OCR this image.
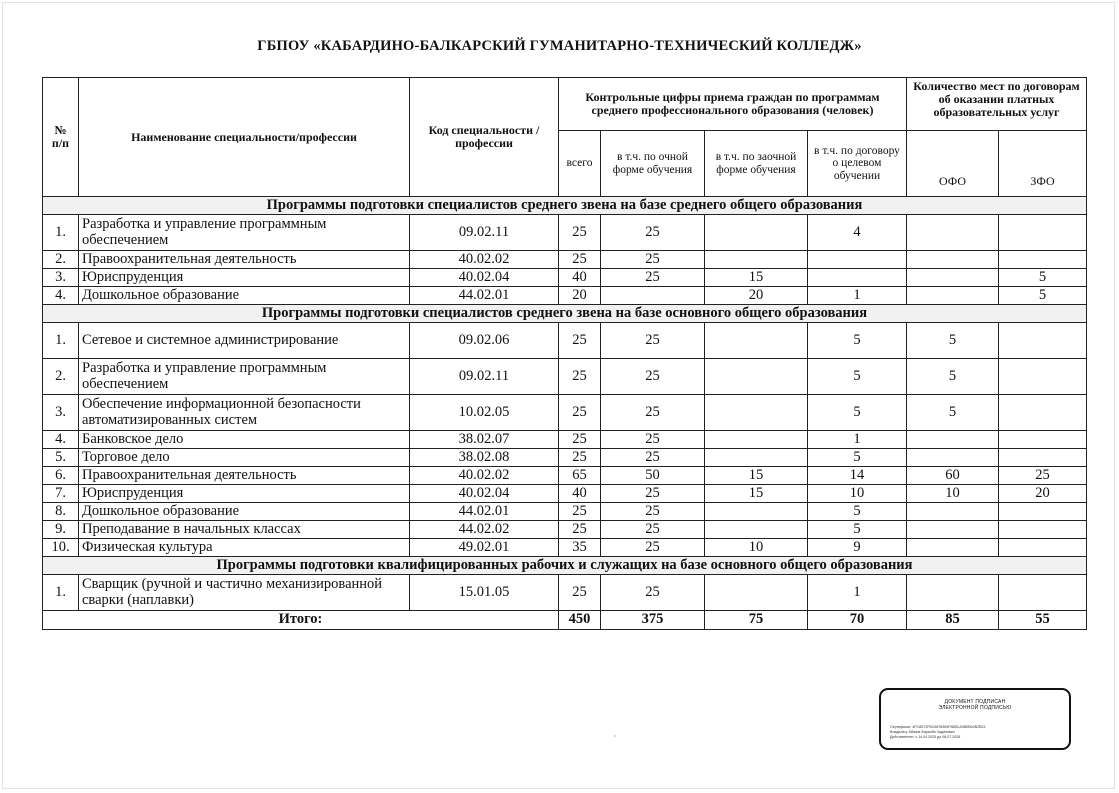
ГБПОУ «КАБАРДИНО-БАЛКАРСКИЙ ГУМАНИТАРНО-ТЕХНИЧЕСКИЙ КОЛЛЕДЖ»
№
п/п	Наименование специальности/профессии	Код специальности / профессии	Контрольные цифры приема граждан по программам среднего профессионального образования (человек)				Количество мест по договорам об оказании платных образовательных услуг	
			всего	в т.ч. по очной форме обучения	в т.ч. по заочной форме обучения	в т.ч. по договору о целевом обучении	ОФО	ЗФО
Программы подготовки специалистов среднего звена на базе среднего общего образования								
1.	Разработка и управление программным обеспечением	09.02.11	25	25		4		
2.	Правоохранительная деятельность	40.02.02	25	25				
3.	Юриспруденция	40.02.04	40	25	15			5
4.	Дошкольное образование	44.02.01	20		20	1		5
Программы подготовки специалистов среднего звена на базе основного общего образования								
1.	Сетевое и системное администрирование	09.02.06	25	25		5	5	
2.	Разработка и управление программным обеспечением	09.02.11	25	25		5	5	
3.	Обеспечение информационной безопасности автоматизированных систем	10.02.05	25	25		5	5	
4.	Банковское дело	38.02.07	25	25		1		
5.	Торговое дело	38.02.08	25	25		5		
6.	Правоохранительная деятельность	40.02.02	65	50	15	14	60	25
7.	Юриспруденция	40.02.04	40	25	15	10	10	20
8.	Дошкольное образование	44.02.01	25	25		5		
9.	Преподавание в начальных классах	44.02.02	25	25		5		
10.	Физическая культура	49.02.01	35	25	10	9		
Программы подготовки квалифицированных рабочих и служащих на базе основного общего образования								
1.	Сварщик (ручной и частично механизированной сварки (наплавки)	15.01.05	25	25		1		
Итого:			450	375	75	70	85	55
ДОКУМЕНТ ПОДПИСАН
ЭЛЕКТРОННОЙ ПОДПИСЬЮ
Сертификат: 4FC8572FBC6676969F8B5CA0B0B02B2B23
Владелец: Абазов Барасби Задинович
Действителен: с 14.04.2025 до 08.07.2026
